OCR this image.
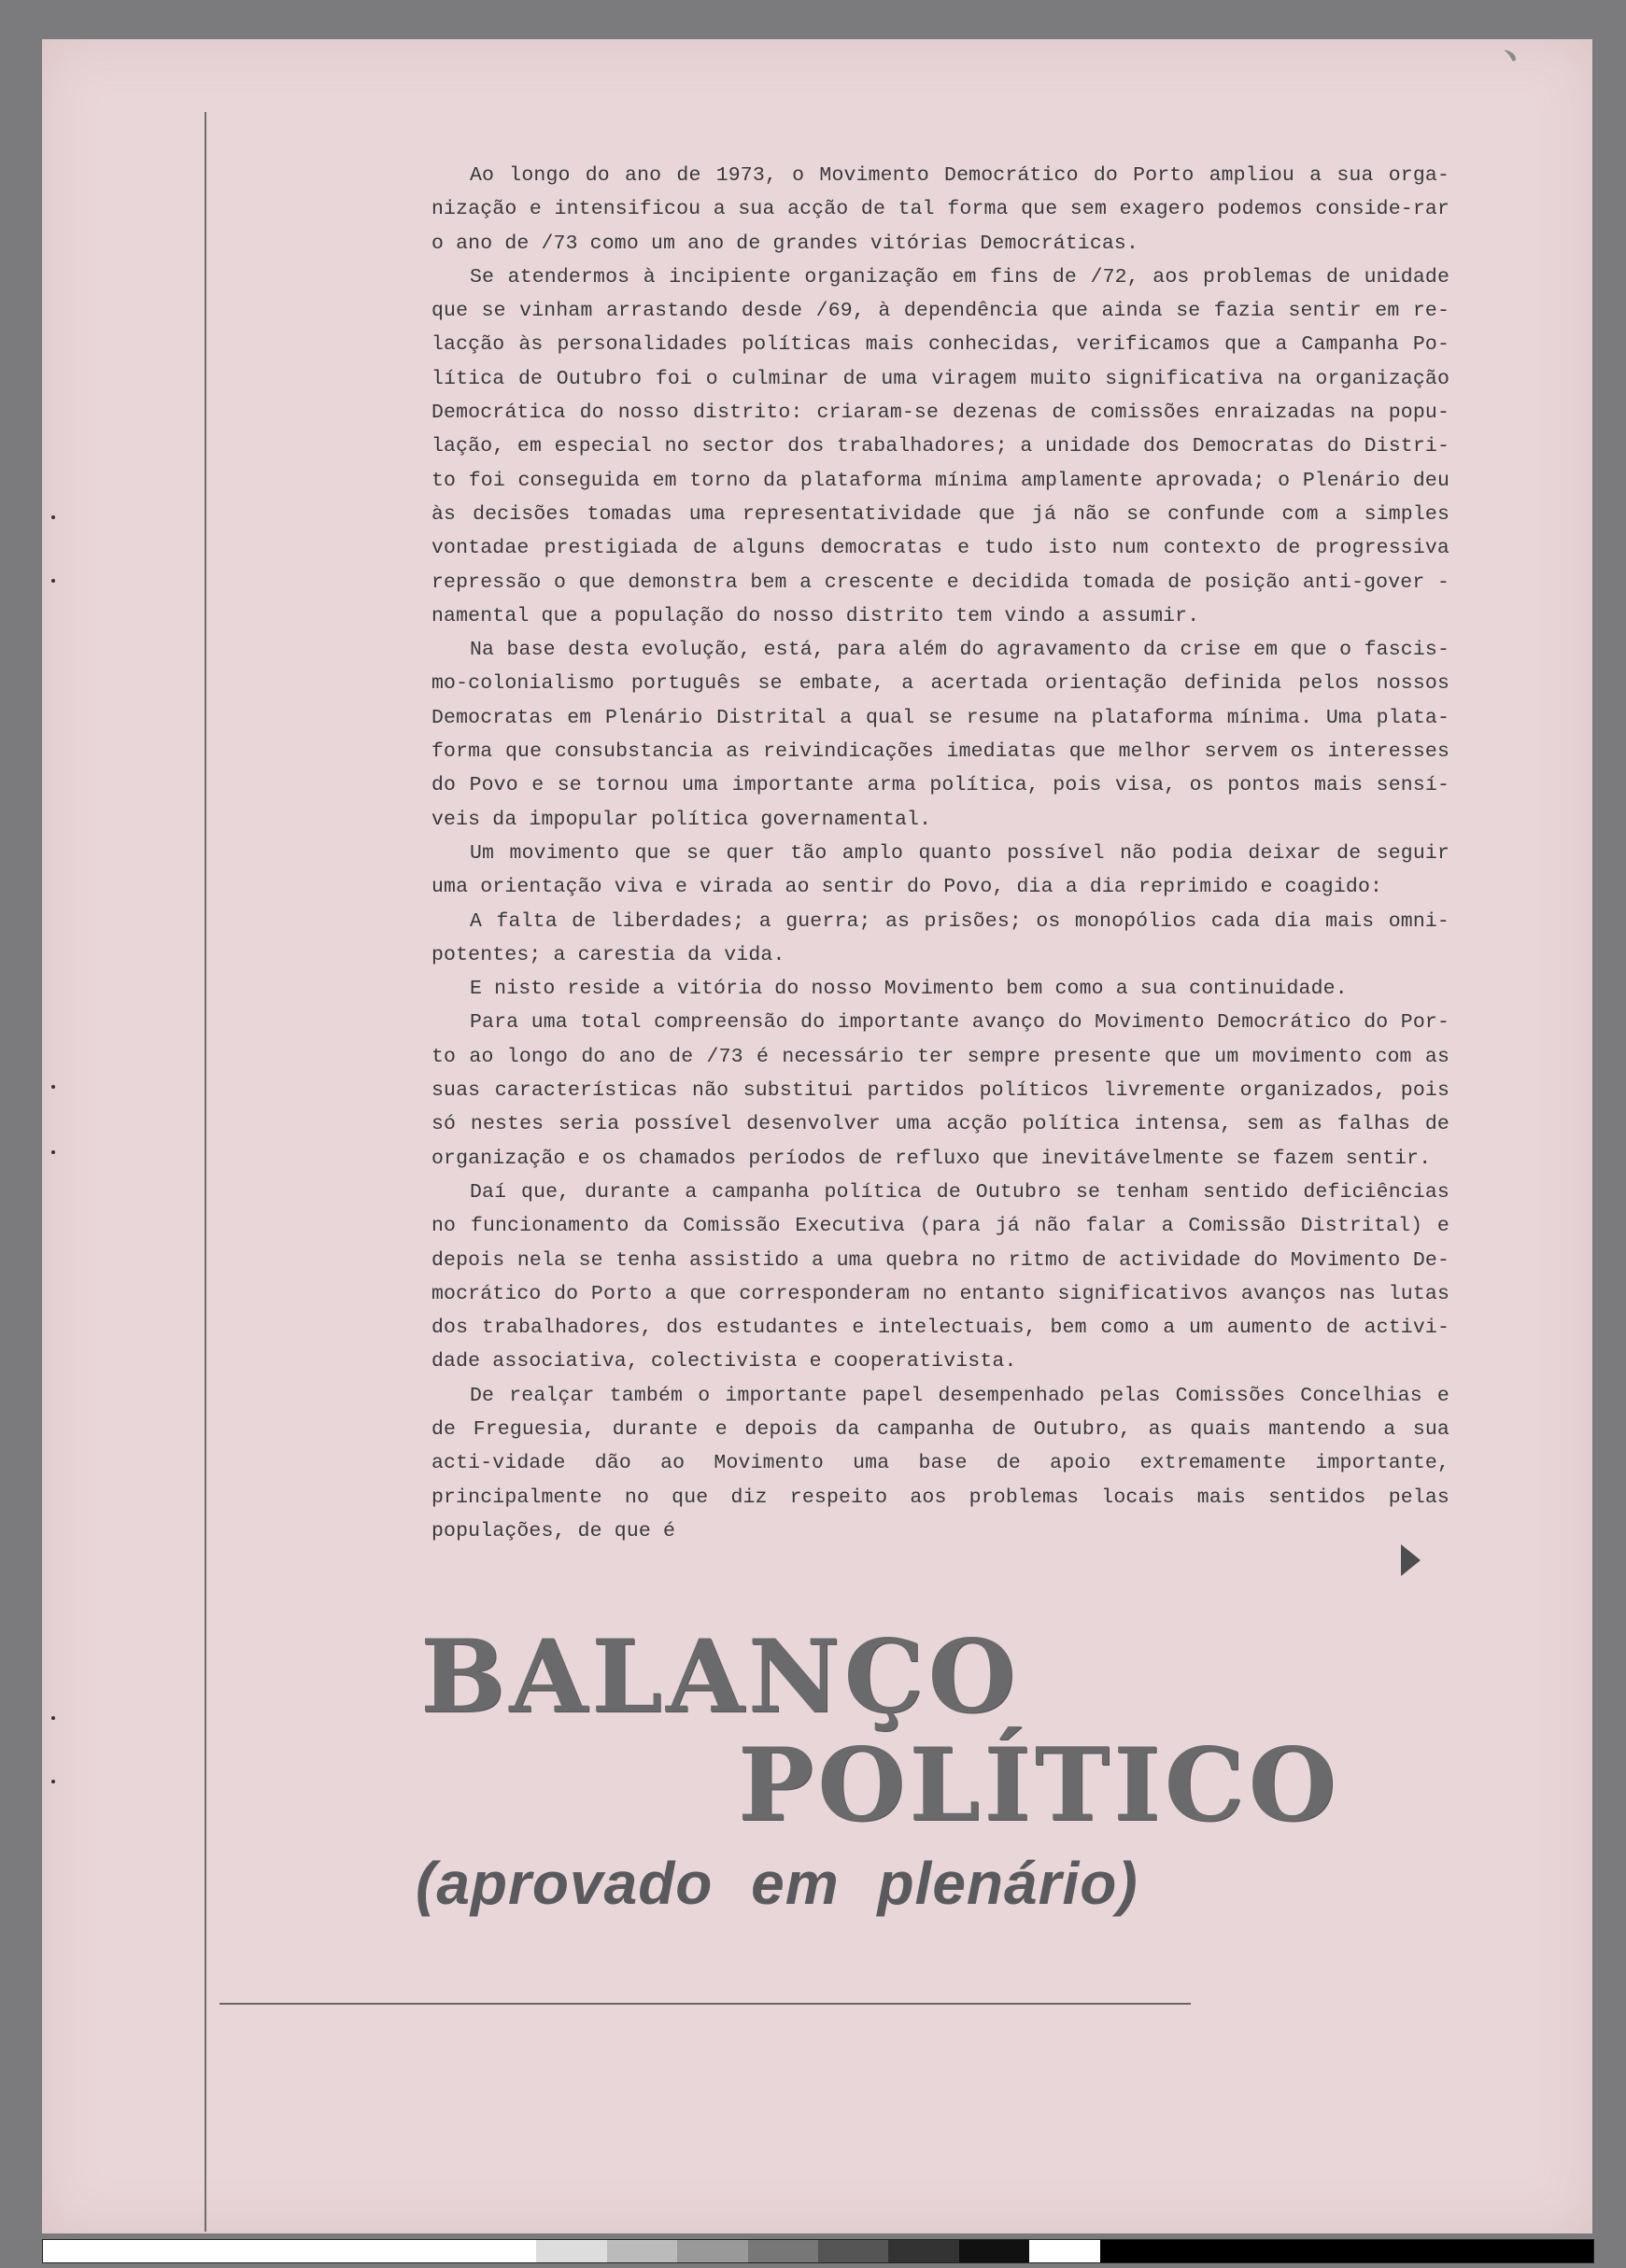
﹅

Ao longo do ano de 1973, o Movimento Democrático do Porto ampliou a sua orga-nização e intensificou a sua acção de tal forma que sem exagero podemos conside-rar o ano de /73 como um ano de grandes vitórias Democráticas.

Se atendermos à incipiente organização em fins de /72, aos problemas de unidade que se vinham arrastando desde /69, à dependência que ainda se fazia sentir em re-lacção às personalidades políticas mais conhecidas, verificamos que a Campanha Po-lítica de Outubro foi o culminar de uma viragem muito significativa na organização Democrática do nosso distrito: criaram-se dezenas de comissões enraizadas na popu-lação, em especial no sector dos trabalhadores; a unidade dos Democratas do Distri-to foi conseguida em torno da plataforma mínima amplamente aprovada; o Plenário deu às decisões tomadas uma representatividade que já não se confunde com a simples vontadae prestigiada de alguns democratas e tudo isto num contexto de progressiva repressão o que demonstra bem a crescente e decidida tomada de posição anti-gover - namental que a população do nosso distrito tem vindo a assumir.

Na base desta evolução, está, para além do agravamento da crise em que o fascis-mo-colonialismo português se embate, a acertada orientação definida pelos nossos Democratas em Plenário Distrital a qual se resume na plataforma mínima. Uma plata-forma que consubstancia as reivindicações imediatas que melhor servem os interesses do Povo e se tornou uma importante arma política, pois visa, os pontos mais sensí-veis da impopular política governamental.

Um movimento que se quer tão amplo quanto possível não podia deixar de seguir uma orientação viva e virada ao sentir do Povo, dia a dia reprimido e coagido:

A falta de liberdades; a guerra; as prisões; os monopólios cada dia mais omni-potentes; a carestia da vida.

E nisto reside a vitória do nosso Movimento bem como a sua continuidade.

Para uma total compreensão do importante avanço do Movimento Democrático do Por-to ao longo do ano de /73 é necessário ter sempre presente que um movimento com as suas características não substitui partidos políticos livremente organizados, pois só nestes seria possível desenvolver uma acção política intensa, sem as falhas de organização e os chamados períodos de refluxo que inevitávelmente se fazem sentir.

Daí que, durante a campanha política de Outubro se tenham sentido deficiências no funcionamento da Comissão Executiva (para já não falar a Comissão Distrital) e depois nela se tenha assistido a uma quebra no ritmo de actividade do Movimento De-mocrático do Porto a que corresponderam no entanto significativos avanços nas lutas dos trabalhadores, dos estudantes e intelectuais, bem como a um aumento de activi-dade associativa, colectivista e cooperativista.

De realçar também o importante papel desempenhado pelas Comissões Concelhias e de Freguesia, durante e depois da campanha de Outubro, as quais mantendo a sua acti-vidade dão ao Movimento uma base de apoio extremamente importante, principalmente no que diz respeito aos problemas locais mais sentidos pelas populações, de que é

BALANÇO
POLÍTICO
(aprovado em plenário)
